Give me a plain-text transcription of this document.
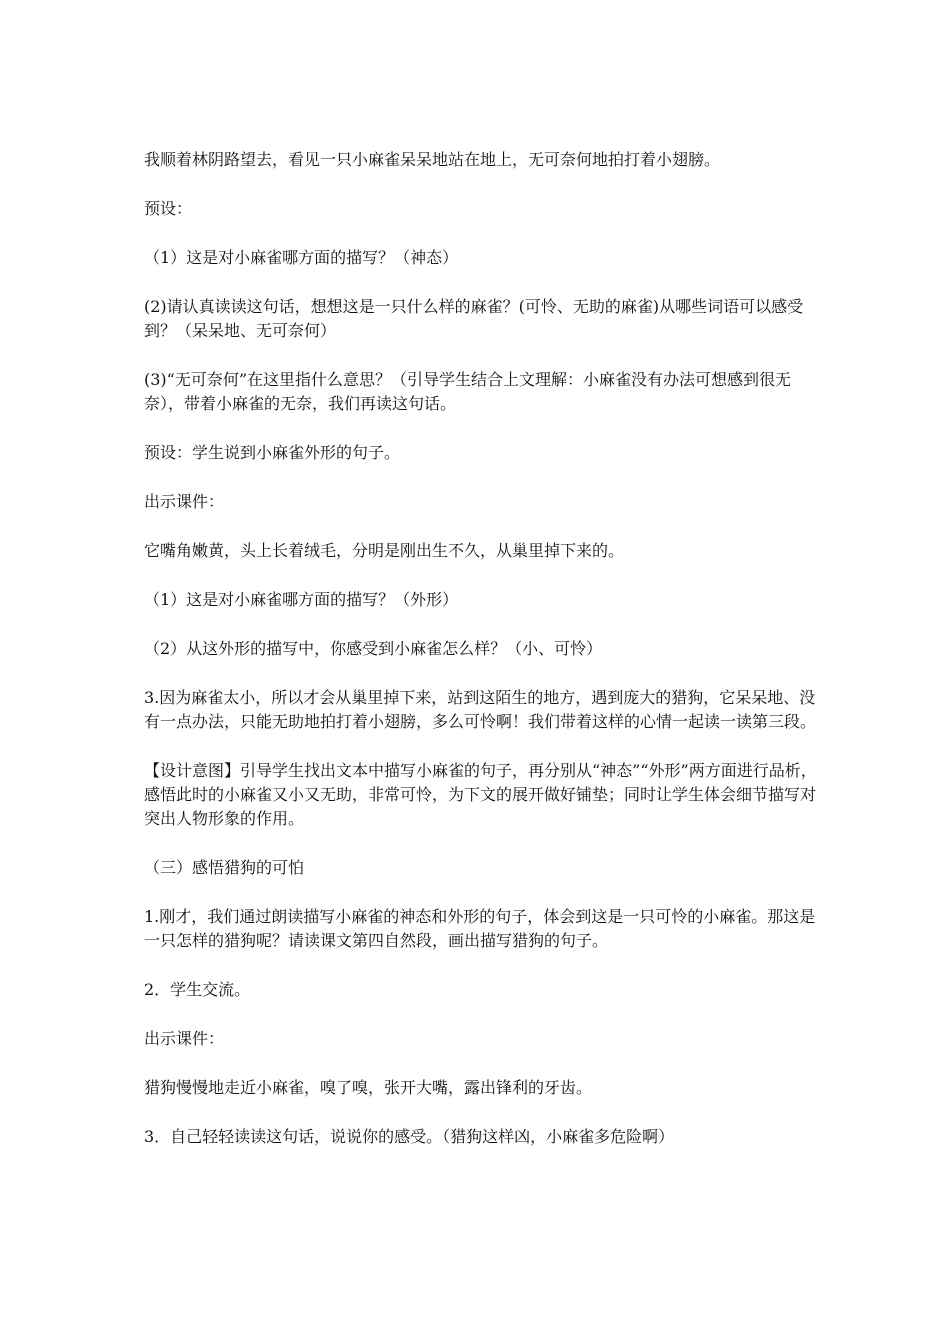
我顺着林阴路望去，看见一只小麻雀呆呆地站在地上，无可奈何地拍打着小翅膀。

预设：

（1）这是对小麻雀哪方面的描写？（神态）

(2)请认真读读这句话，想想这是一只什么样的麻雀？(可怜、无助的麻雀)从哪些词语可以感受到？（呆呆地、无可奈何）

(3)“无可奈何”在这里指什么意思？（引导学生结合上文理解：小麻雀没有办法可想感到很无奈），带着小麻雀的无奈，我们再读这句话。

预设：学生说到小麻雀外形的句子。

出示课件：

它嘴角嫩黄，头上长着绒毛，分明是刚出生不久，从巢里掉下来的。

（1）这是对小麻雀哪方面的描写？（外形）

（2）从这外形的描写中，你感受到小麻雀怎么样？（小、可怜）

3.因为麻雀太小，所以才会从巢里掉下来，站到这陌生的地方，遇到庞大的猎狗，它呆呆地、没有一点办法，只能无助地拍打着小翅膀，多么可怜啊！我们带着这样的心情一起读一读第三段。

【设计意图】引导学生找出文本中描写小麻雀的句子，再分别从“神态”“外形”两方面进行品析，感悟此时的小麻雀又小又无助，非常可怜，为下文的展开做好铺垫；同时让学生体会细节描写对突出人物形象的作用。

（三）感悟猎狗的可怕

1.刚才，我们通过朗读描写小麻雀的神态和外形的句子，体会到这是一只可怜的小麻雀。那这是一只怎样的猎狗呢？请读课文第四自然段，画出描写猎狗的句子。

2．学生交流。

出示课件：

猎狗慢慢地走近小麻雀，嗅了嗅，张开大嘴，露出锋利的牙齿。

3．自己轻轻读读这句话，说说你的感受。（猎狗这样凶，小麻雀多危险啊）
